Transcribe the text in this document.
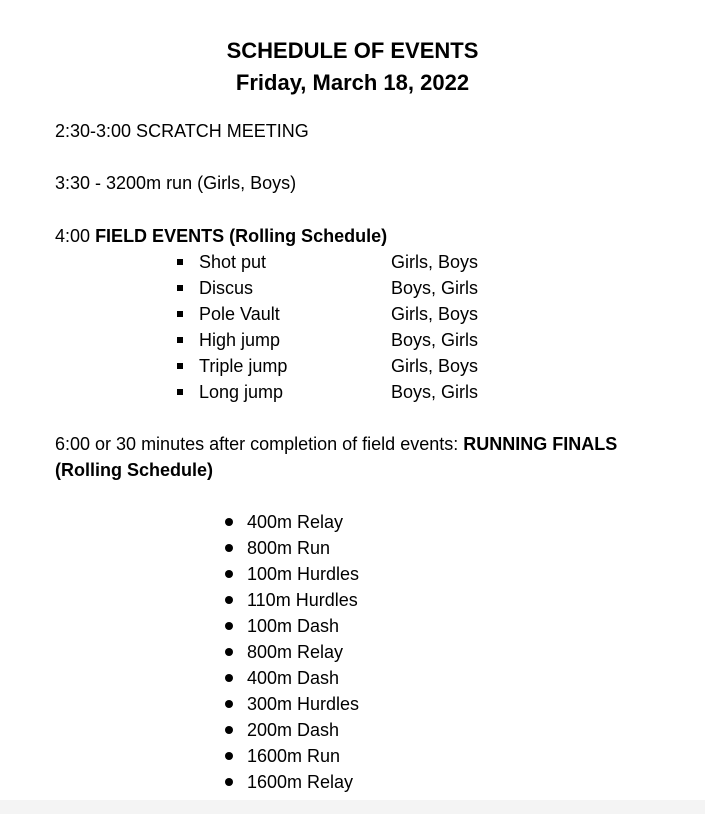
SCHEDULE OF EVENTS
Friday, March 18, 2022
2:30-3:00 SCRATCH MEETING
3:30 - 3200m run (Girls, Boys)
4:00 FIELD EVENTS (Rolling Schedule)
Shot put	Girls, Boys
Discus	Boys, Girls
Pole Vault	Girls, Boys
High jump	Boys, Girls
Triple jump	Girls, Boys
Long jump	Boys, Girls
6:00 or 30 minutes after completion of field events: RUNNING FINALS
(Rolling Schedule)
400m Relay
800m Run
100m Hurdles
110m Hurdles
100m Dash
800m Relay
400m Dash
300m Hurdles
200m Dash
1600m Run
1600m Relay
